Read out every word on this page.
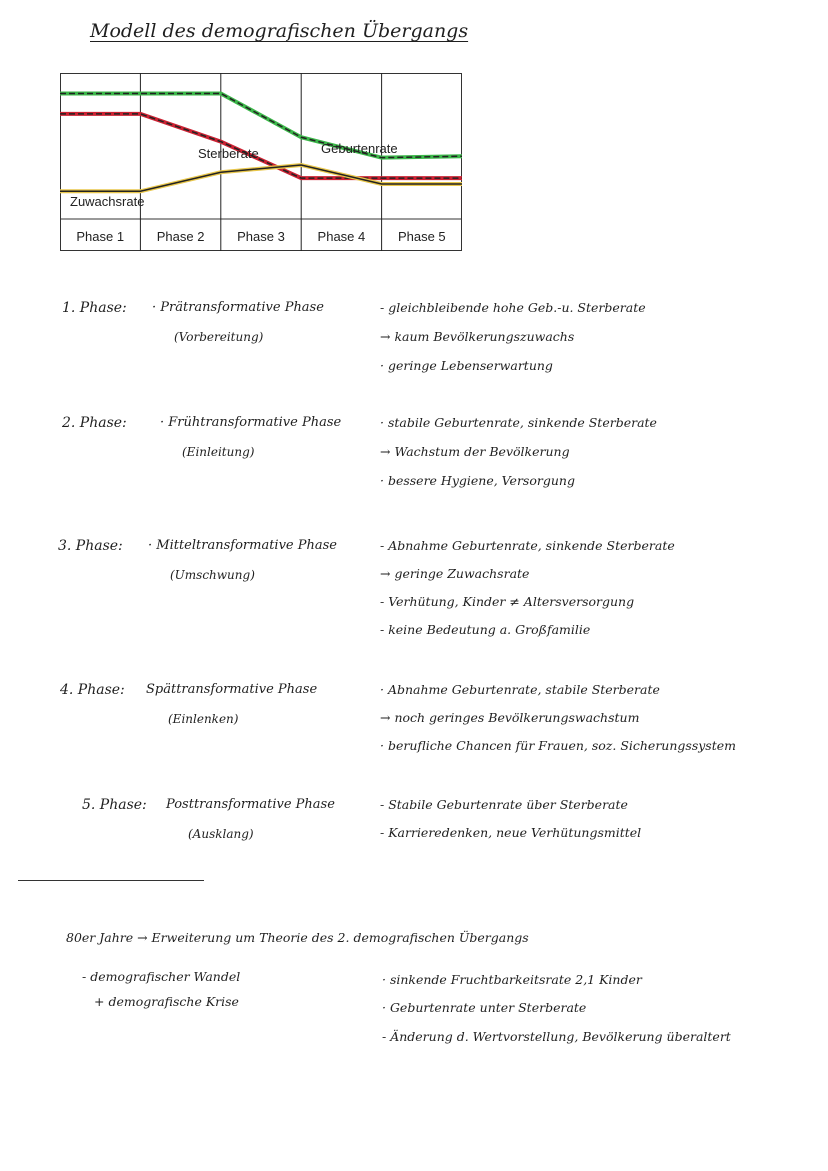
Modell des demografischen Übergangs
Phase 1	Phase 2	Phase 3	Phase 4	Phase 5
Sterberate	Geburtenrate
Zuwachsrate
1. Phase: · Prätransformative Phase
(Vorbereitung)
- gleichbleibende hohe Geb.-u. Sterberate
→ kaum Bevölkerungszuwachs
· geringe Lebenserwartung
2. Phase:	· Frühtransformative Phase
(Einleitung)
· stabile Geburtenrate, sinkende Sterberate
→ Wachstum der Bevölkerung
· bessere Hygiene, Versorgung
3. Phase: · Mitteltransformative Phase
(Umschwung)
- Abnahme Geburtenrate, sinkende Sterberate
→ geringe Zuwachsrate
- Verhütung, Kinder ≠ Altersversorgung
- keine Bedeutung a. Großfamilie
4. Phase: Spättransformative Phase
(Einlenken)
· Abnahme Geburtenrate, stabile Sterberate
→ noch geringes Bevölkerungswachstum
· berufliche Chancen für Frauen, soz. Sicherungssystem
5. Phase: Posttransformative Phase
(Ausklang)
- Stabile Geburtenrate über Sterberate
- Karrieredenken, neue Verhütungsmittel
80er Jahre → Erweiterung um Theorie des 2. demografischen Übergangs
- demografischer Wandel
+ demografische Krise
· sinkende Fruchtbarkeitsrate 2,1 Kinder
· Geburtenrate unter Sterberate
- Änderung d. Wertvorstellung, Bevölkerung überaltert
